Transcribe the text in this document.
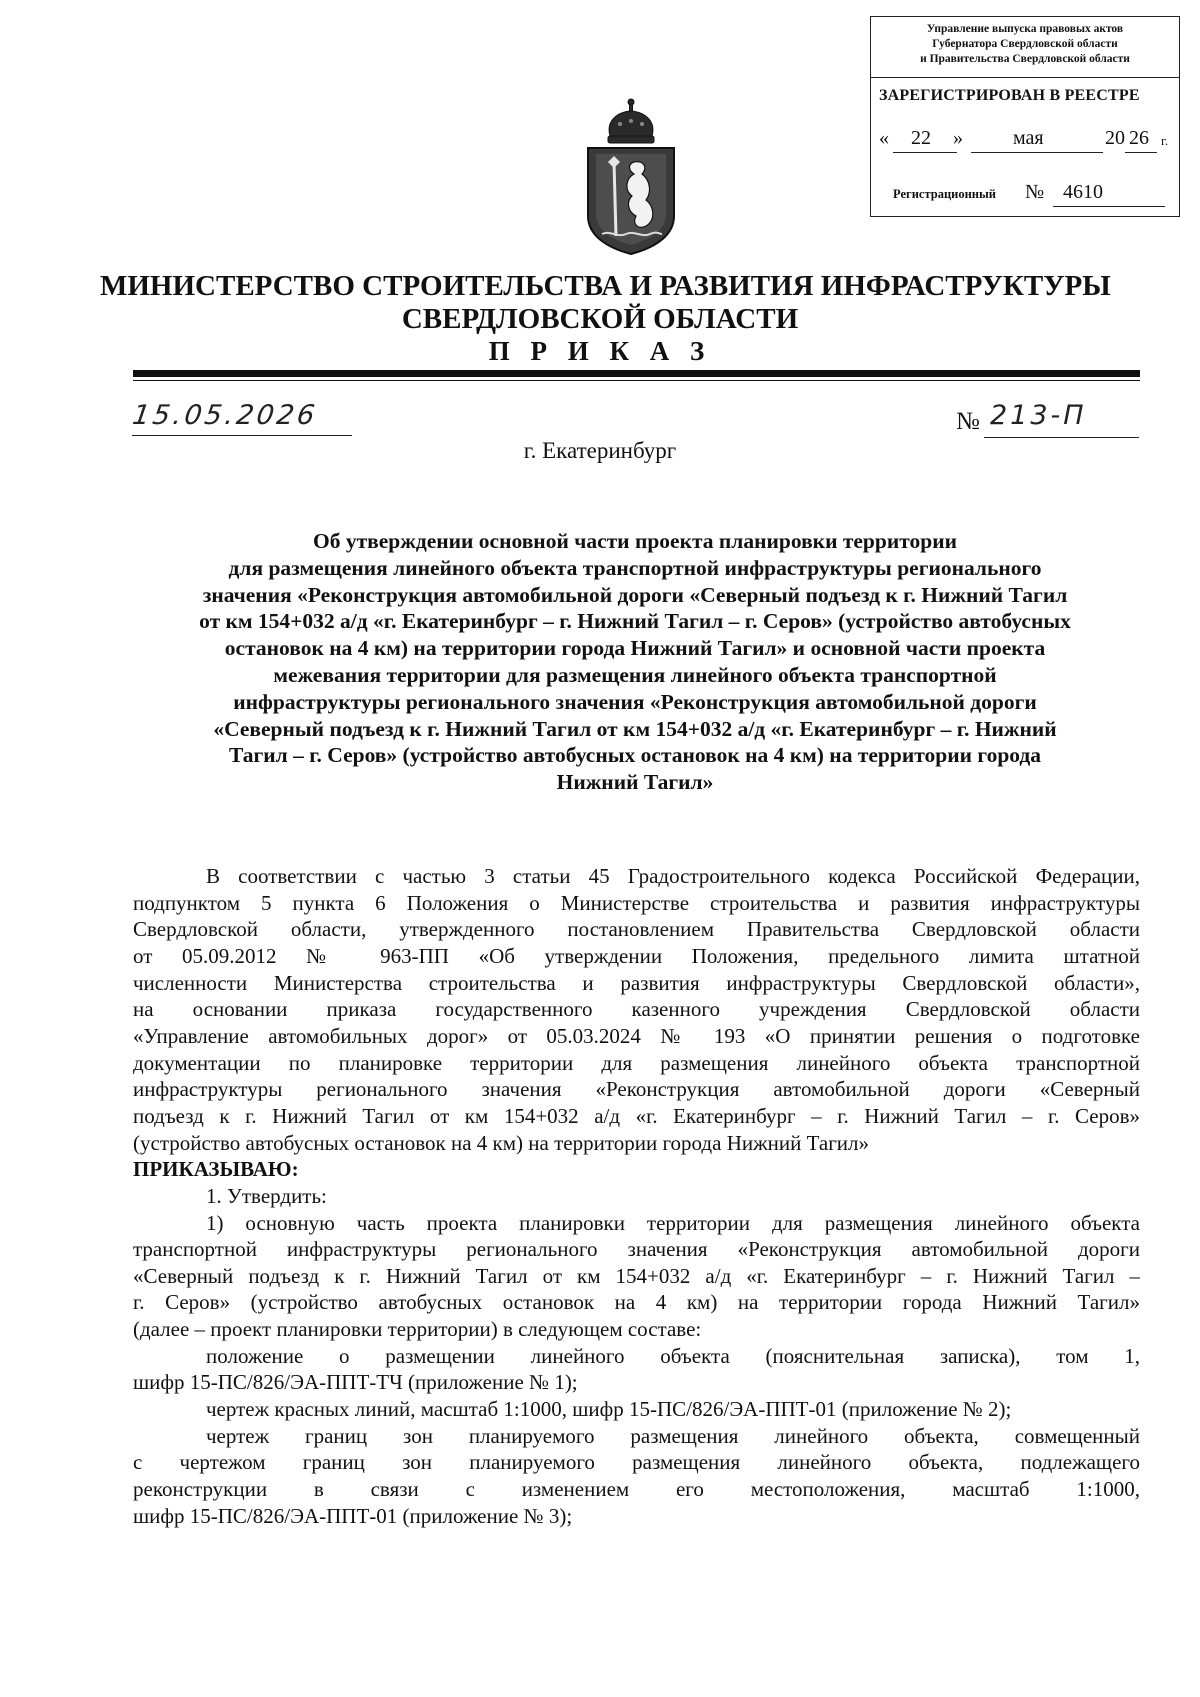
Управление выпуска правовых актов
Губернатора Свердловской области
и Правительства Свердловской области
ЗАРЕГИСТРИРОВАН В РЕЕСТРЕ
« 22 »	мая	20 26 г.
Регистрационный № 4610
МИНИСТЕРСТВО СТРОИТЕЛЬСТВА И РАЗВИТИЯ ИНФРАСТРУКТУРЫ
СВЕРДЛОВСКОЙ ОБЛАСТИ
П Р И К А З
15.05.2026	№ 213-П
г. Екатеринбург
Об утверждении основной части проекта планировки территории
для размещения линейного объекта транспортной инфраструктуры регионального
значения «Реконструкция автомобильной дороги «Северный подъезд к г. Нижний Тагил
от км 154+032 а/д «г. Екатеринбург – г. Нижний Тагил – г. Серов» (устройство автобусных
остановок на 4 км) на территории города Нижний Тагил» и основной части проекта
межевания территории для размещения линейного объекта транспортной
инфраструктуры регионального значения «Реконструкция автомобильной дороги
«Северный подъезд к г. Нижний Тагил от км 154+032 а/д «г. Екатеринбург – г. Нижний
Тагил – г. Серов» (устройство автобусных остановок на 4 км) на территории города
Нижний Тагил»
В соответствии с частью 3 статьи 45 Градостроительного кодекса Российской Федерации,
подпунктом 5 пункта 6 Положения о Министерстве строительства и развития инфраструктуры
Свердловской области, утвержденного постановлением Правительства Свердловской области
от 05.09.2012 № 963-ПП «Об утверждении Положения, предельного лимита штатной
численности Министерства строительства и развития инфраструктуры Свердловской области»,
на основании приказа государственного казенного учреждения Свердловской области
«Управление автомобильных дорог» от 05.03.2024 № 193 «О принятии решения о подготовке
документации по планировке территории для размещения линейного объекта транспортной
инфраструктуры регионального значения «Реконструкция автомобильной дороги «Северный
подъезд к г. Нижний Тагил от км 154+032 а/д «г. Екатеринбург – г. Нижний Тагил – г. Серов»
(устройство автобусных остановок на 4 км) на территории города Нижний Тагил»
ПРИКАЗЫВАЮ:
1. Утвердить:
1) основную часть проекта планировки территории для размещения линейного объекта
транспортной инфраструктуры регионального значения «Реконструкция автомобильной дороги
«Северный подъезд к г. Нижний Тагил от км 154+032 а/д «г. Екатеринбург – г. Нижний Тагил –
г. Серов» (устройство автобусных остановок на 4 км) на территории города Нижний Тагил»
(далее – проект планировки территории) в следующем составе:
положение о размещении линейного объекта (пояснительная записка), том 1,
шифр 15-ПС/826/ЭА-ППТ-ТЧ (приложение № 1);
чертеж красных линий, масштаб 1:1000, шифр 15-ПС/826/ЭА-ППТ-01 (приложение № 2);
чертеж границ зон планируемого размещения линейного объекта, совмещенный
с чертежом границ зон планируемого размещения линейного объекта, подлежащего
реконструкции в связи с изменением его местоположения, масштаб 1:1000,
шифр 15-ПС/826/ЭА-ППТ-01 (приложение № 3);
